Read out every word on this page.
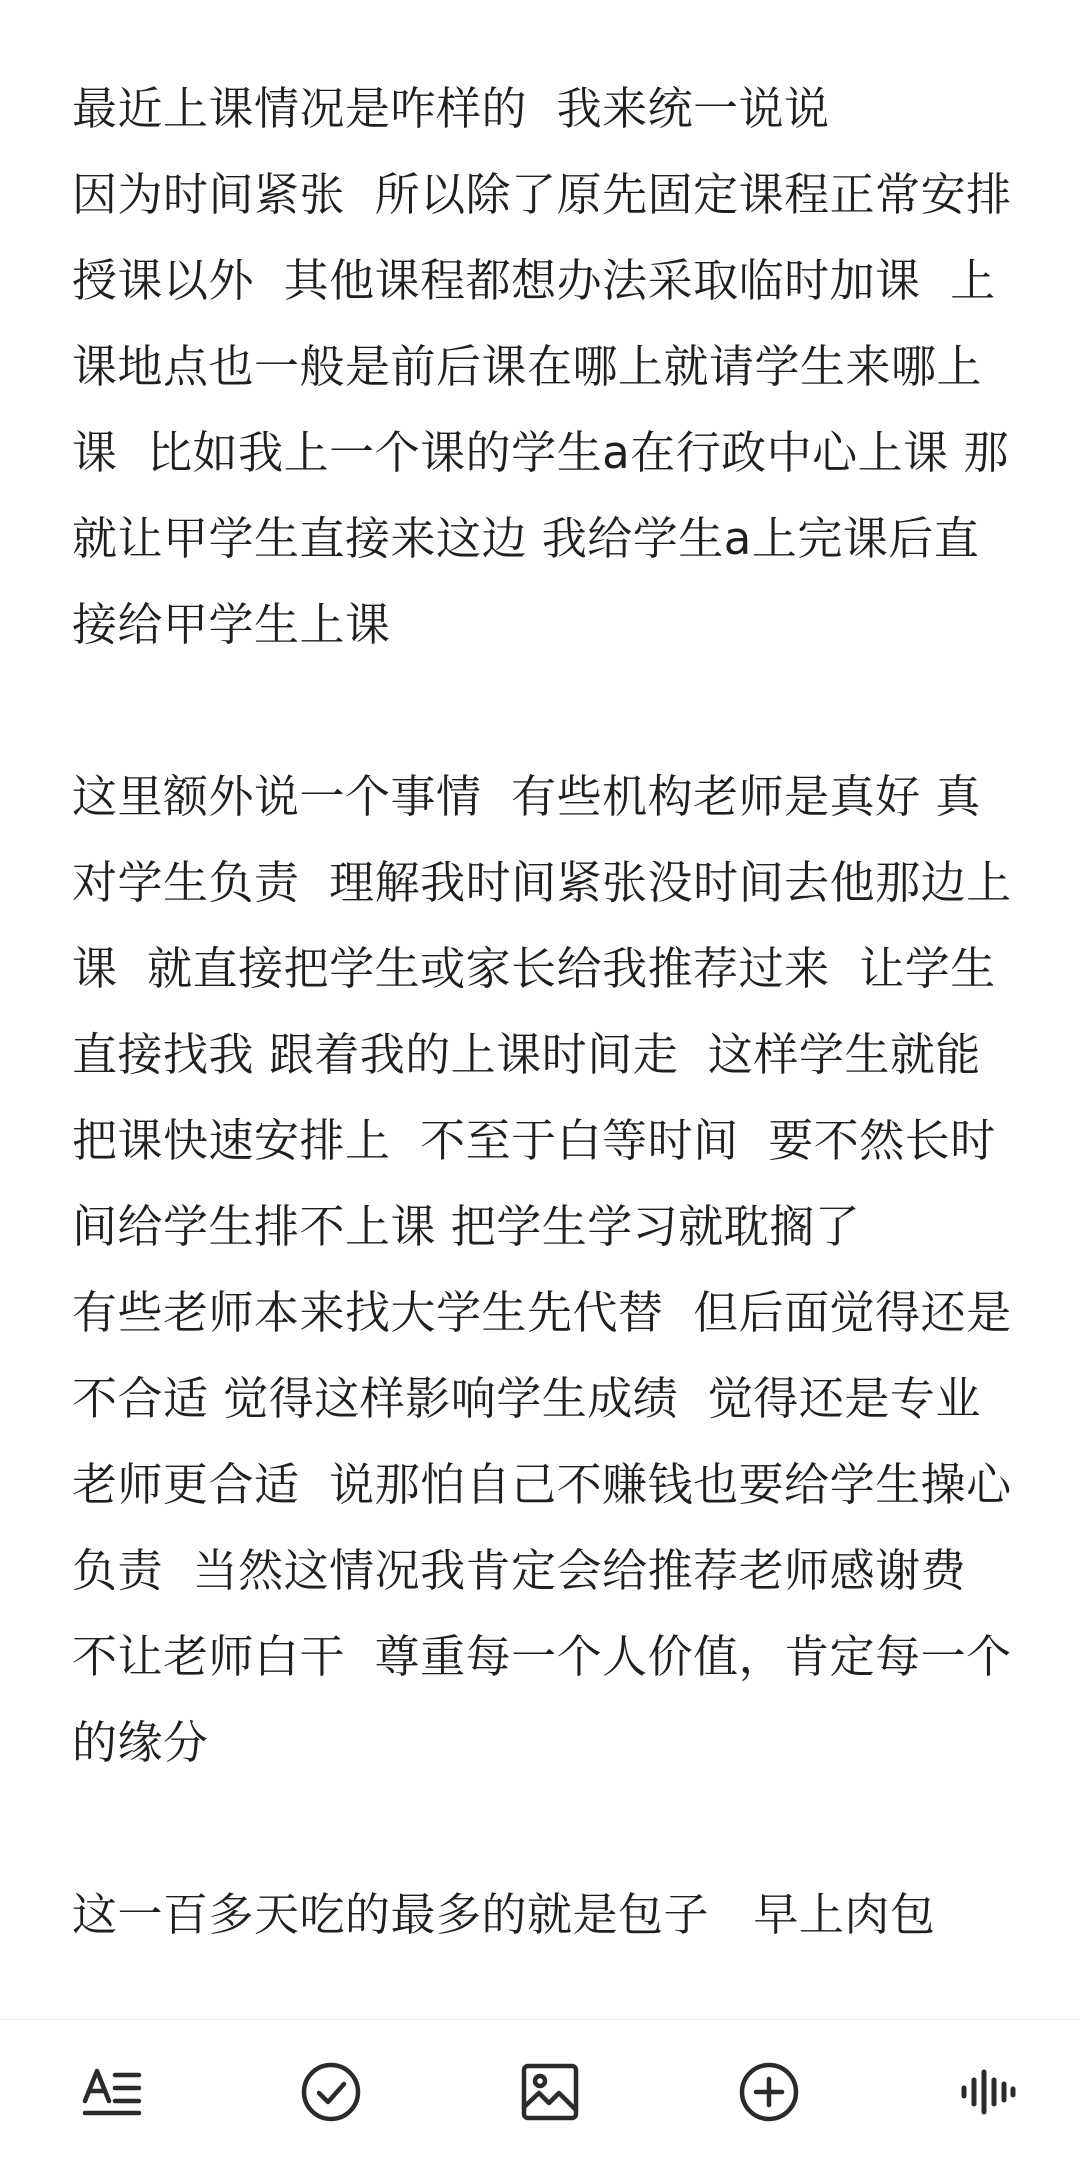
最近上课情况是咋样的  我来统一说说
因为时间紧张  所以除了原先固定课程正常安排授课以外  其他课程都想办法采取临时加课  上课地点也一般是前后课在哪上就请学生来哪上课  比如我上一个课的学生a在行政中心上课 那就让甲学生直接来这边 我给学生a上完课后直接给甲学生上课

这里额外说一个事情  有些机构老师是真好 真对学生负责  理解我时间紧张没时间去他那边上课  就直接把学生或家长给我推荐过来  让学生直接找我 跟着我的上课时间走  这样学生就能把课快速安排上  不至于白等时间  要不然长时间给学生排不上课 把学生学习就耽搁了
有些老师本来找大学生先代替  但后面觉得还是不合适 觉得这样影响学生成绩  觉得还是专业老师更合适  说那怕自己不赚钱也要给学生操心负责  当然这情况我肯定会给推荐老师感谢费 不让老师白干  尊重每一个人价值，肯定每一个的缘分

这一百多天吃的最多的就是包子   早上肉包
